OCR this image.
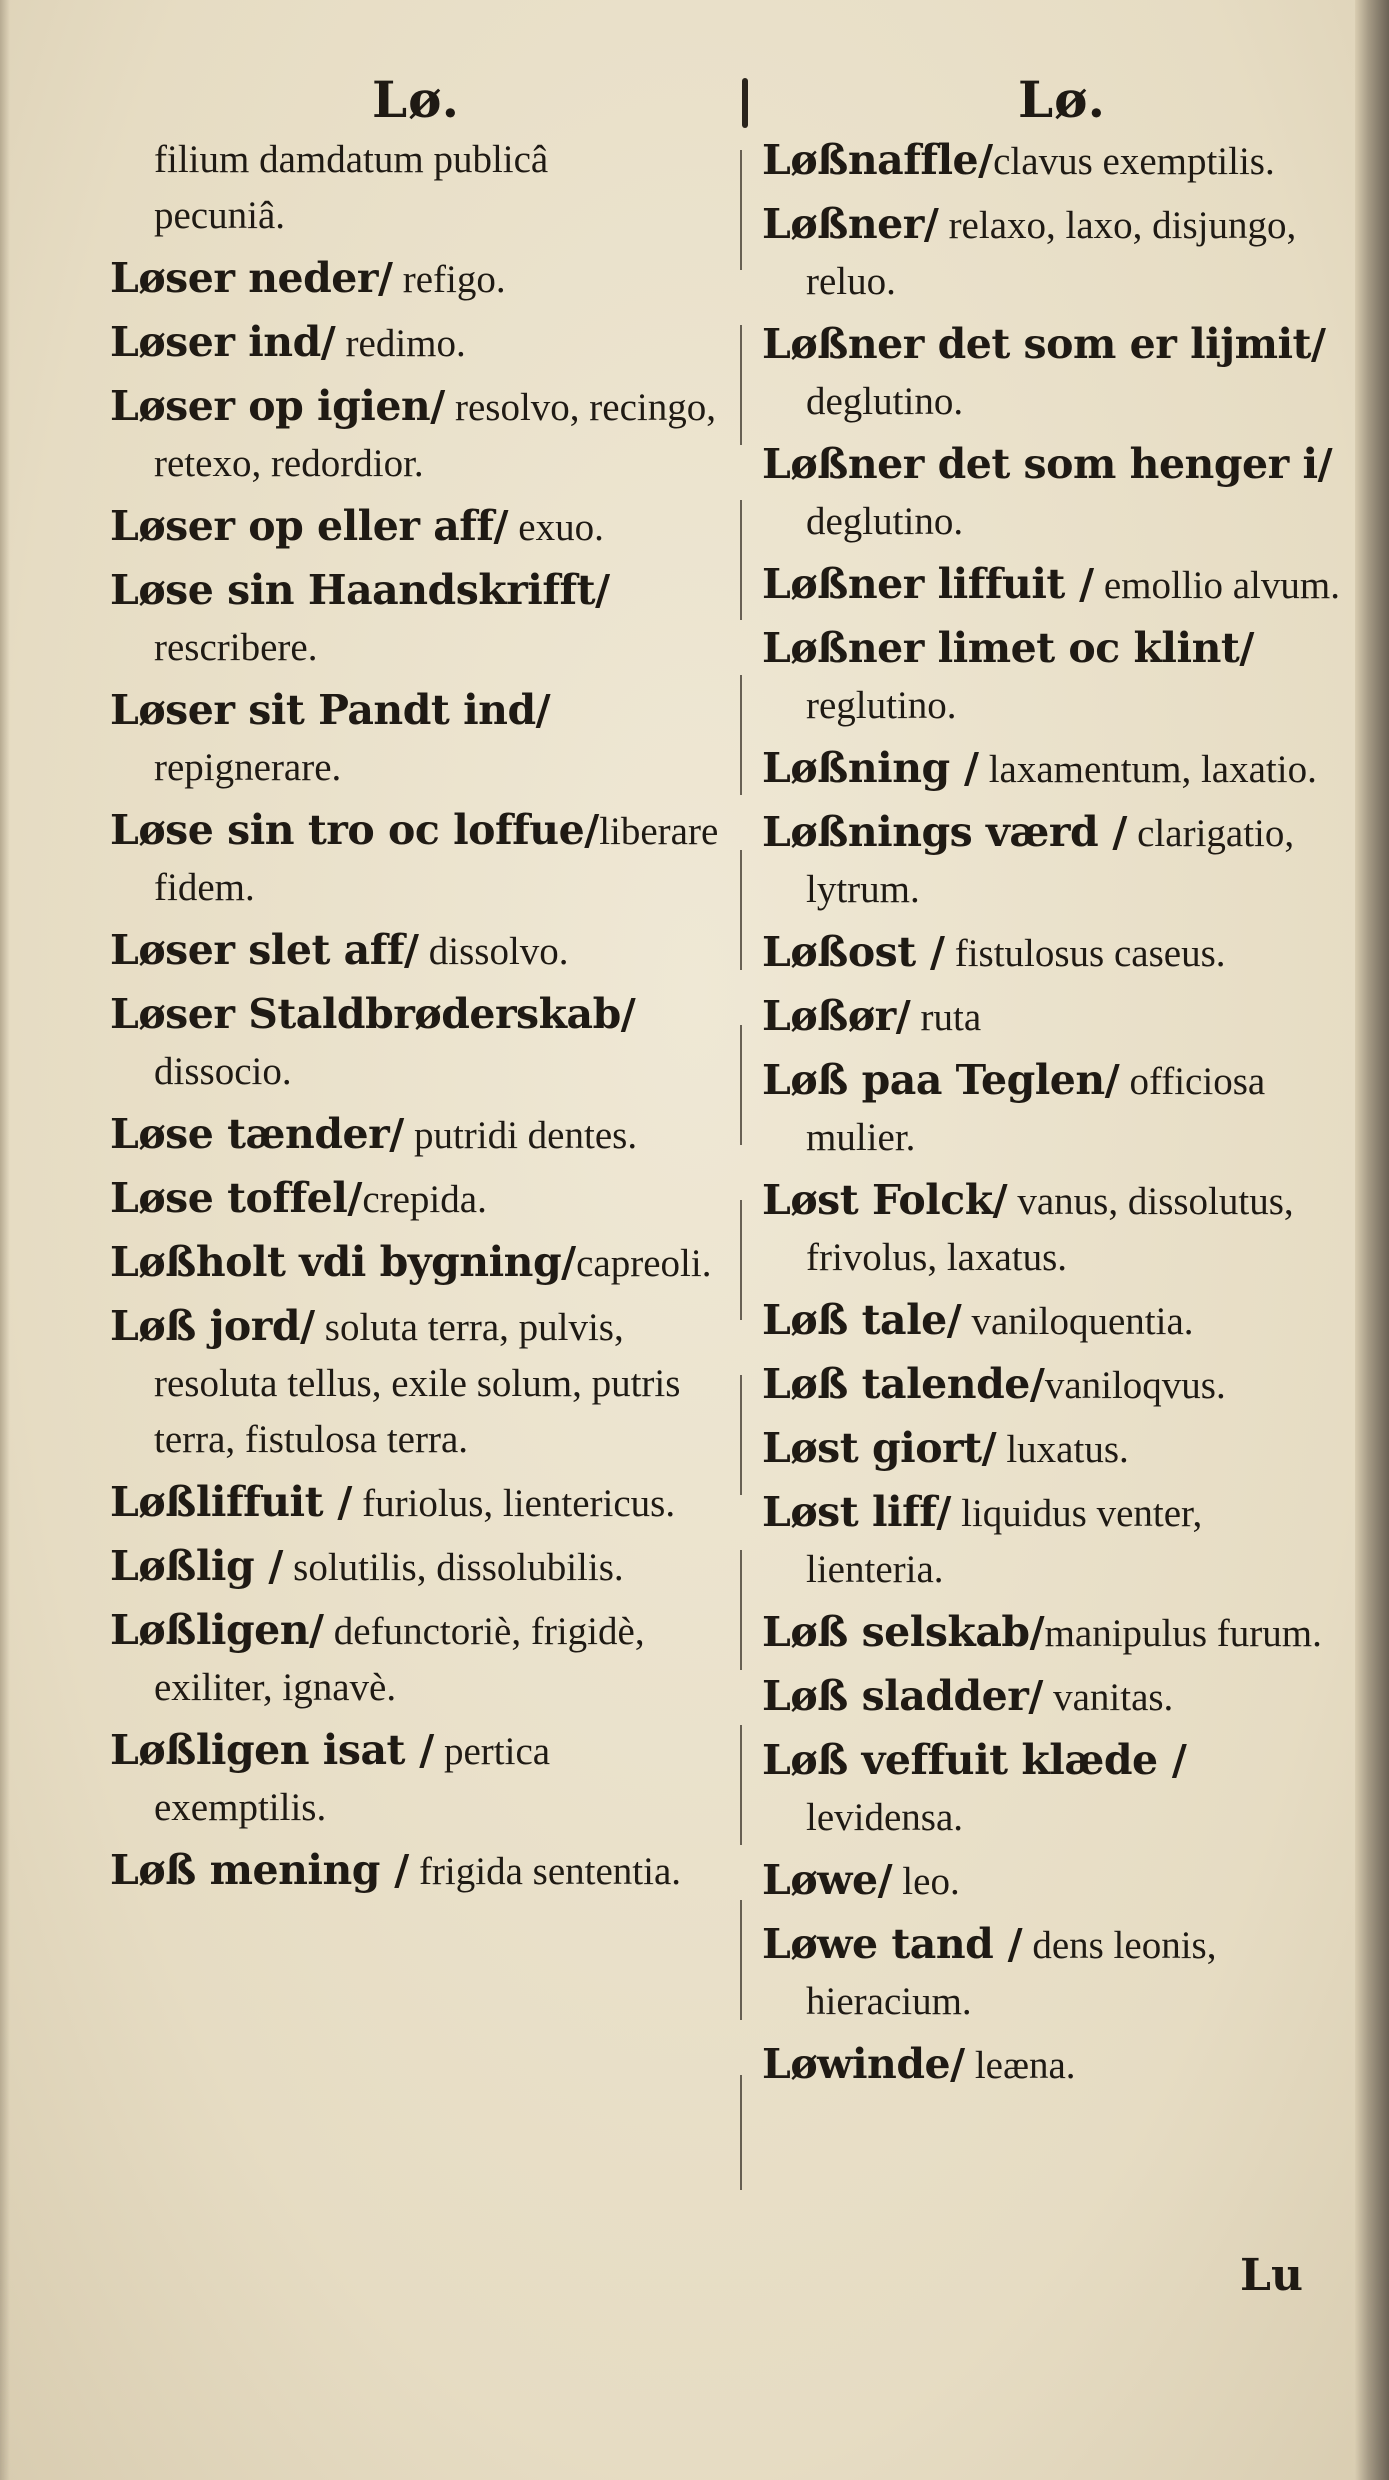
Lø.	Lø.
filium damdatum publicâ
pecuniâ.
Løser neder/ refigo.
Løser ind/ redimo.
Løser op igien/ resolvo, recingo, retexo, redordior.
Løser op eller aff/ exuo.
Løse sin Haandskrifft/ rescribere.
Løser sit Pandt ind/ repignerare.
Løse sin tro oc loffue/liberare fidem.
Løser slet aff/ dissolvo.
Løser Staldbrøderskab/ dissocio.
Løse tænder/ putridi dentes.
Løse toffel/crepida.
Løßholt vdi bygning/capreoli.
Løß jord/ soluta terra, pulvis, resoluta tellus, exile solum, putris terra, fistulosa terra.
Løßliffuit / furiolus, lientericus.
Løßlig / solutilis, dissolubilis.
Løßligen/ defunctoriè, frigidè, exiliter, ignavè.
Løßligen isat / pertica exemptilis.
Løß mening / frigida sententia.
Løßnaffle/clavus exemptilis.
Løßner/ relaxo, laxo, disjungo, reluo.
Løßner det som er lijmit/ deglutino.
Løßner det som henger i/ deglutino.
Løßner liffuit / emollio alvum.
Løßner limet oc klint/ reglutino.
Løßning / laxamentum, laxatio.
Løßnings værd / clarigatio, lytrum.
Løßost / fistulosus caseus.
Løßør/ ruta
Løß paa Teglen/ officiosa mulier.
Løst Folck/ vanus, dissolutus, frivolus, laxatus.
Løß tale/ vaniloquentia.
Løß talende/vaniloqvus.
Løst giort/ luxatus.
Løst liff/ liquidus venter, lienteria.
Løß selskab/manipulus furum.
Løß sladder/ vanitas.
Løß veffuit klæde / levidensa.
Løwe/ leo.
Løwe tand / dens leonis, hieracium.
Løwinde/ leæna.
Lu
